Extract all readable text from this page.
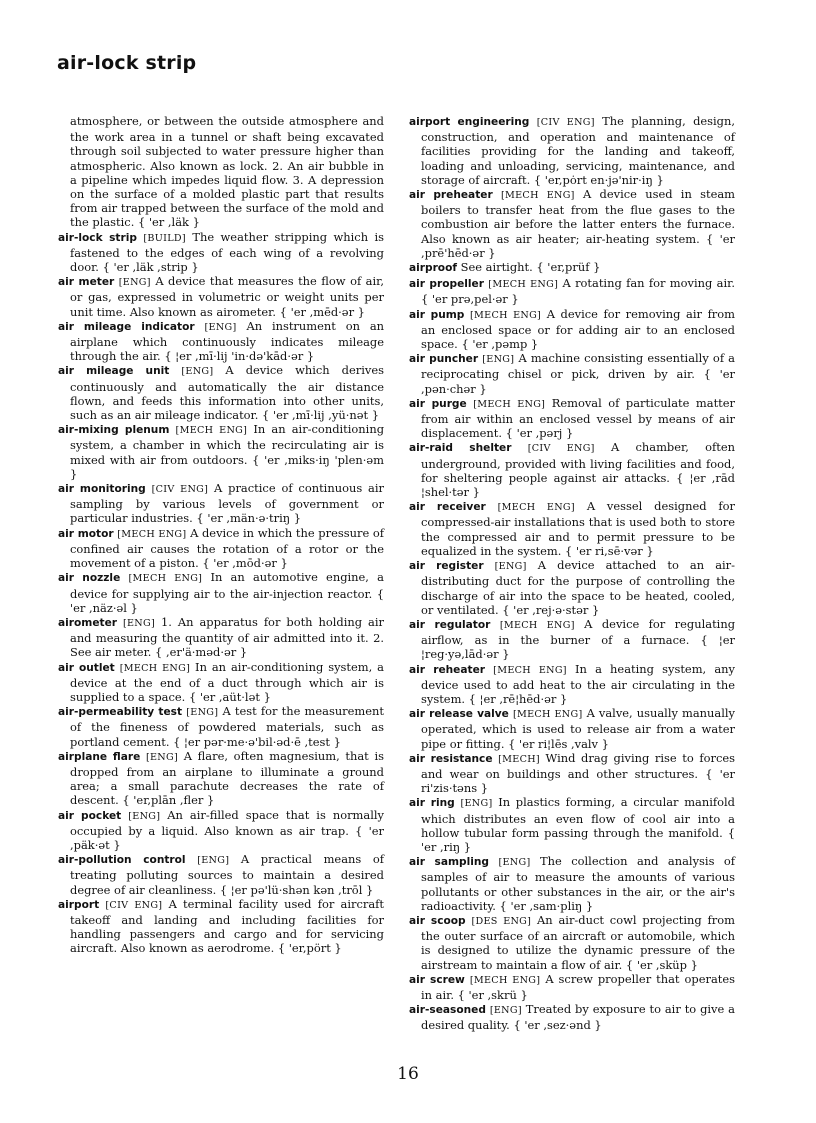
air-lock strip

atmosphere, or between the outside atmosphere and the work area in a tunnel or shaft being excavated through soil subjected to water pressure higher than atmospheric. Also known as lock. 2. An air bubble in a pipeline which impedes liquid flow. 3. A depression on the surface of a molded plastic part that results from air trapped between the surface of the mold and the plastic. { 'er ,läk }

air-lock strip [BUILD] The weather stripping which is fastened to the edges of each wing of a revolving door. { 'er ,läk ,strip }

air meter [ENG] A device that measures the flow of air, or gas, expressed in volumetric or weight units per unit time. Also known as airometer. { 'er ,mēd·ər }

air mileage indicator [ENG] An instrument on an airplane which continuously indicates mileage through the air. { ¦er ,mī·lij 'in·də'kād·ər }

air mileage unit [ENG] A device which derives continuously and automatically the air distance flown, and feeds this information into other units, such as an air mileage indicator. { 'er ,mī·lij ,yü·nət }

air-mixing plenum [MECH ENG] In an air-conditioning system, a chamber in which the recirculating air is mixed with air from outdoors. { 'er ,miks·iŋ 'plen·əm }

air monitoring [CIV ENG] A practice of continuous air sampling by various levels of government or particular industries. { 'er ,män·ə·triŋ }

air motor [MECH ENG] A device in which the pressure of confined air causes the rotation of a rotor or the movement of a piston. { 'er ,mōd·ər }

air nozzle [MECH ENG] In an automotive engine, a device for supplying air to the air-injection reactor. { 'er ,näz·əl }

airometer [ENG] 1. An apparatus for both holding air and measuring the quantity of air admitted into it. 2. See air meter. { ,er'ä·məd·ər }

air outlet [MECH ENG] In an air-conditioning system, a device at the end of a duct through which air is supplied to a space. { 'er ,aüt·lət }

air-permeability test [ENG] A test for the measurement of the fineness of powdered materials, such as portland cement. { ¦er pər·me·ə'bil·əd·ē ,test }

airplane flare [ENG] A flare, often magnesium, that is dropped from an airplane to illuminate a ground area; a small parachute decreases the rate of descent. { 'er,plān ,fler }

air pocket [ENG] An air-filled space that is normally occupied by a liquid. Also known as air trap. { 'er ,päk·ət }

air-pollution control [ENG] A practical means of treating polluting sources to maintain a desired degree of air cleanliness. { ¦er pə'lü·shən kən ,trōl }

airport [CIV ENG] A terminal facility used for aircraft takeoff and landing and including facilities for handling passengers and cargo and for servicing aircraft. Also known as aerodrome. { 'er,pört }

airport engineering [CIV ENG] The planning, design, construction, and operation and maintenance of facilities providing for the landing and takeoff, loading and unloading, servicing, maintenance, and storage of aircraft. { 'er,pȯrt en·jə'nir·iŋ }

air preheater [MECH ENG] A device used in steam boilers to transfer heat from the flue gases to the combustion air before the latter enters the furnace. Also known as air heater; air-heating system. { 'er ,prē'hēd·ər }

airproof See airtight. { 'er,prüf }

air propeller [MECH ENG] A rotating fan for moving air. { 'er prə,pel·ər }

air pump [MECH ENG] A device for removing air from an enclosed space or for adding air to an enclosed space. { 'er ,pəmp }

air puncher [ENG] A machine consisting essentially of a reciprocating chisel or pick, driven by air. { 'er ,pən·chər }

air purge [MECH ENG] Removal of particulate matter from air within an enclosed vessel by means of air displacement. { 'er ,pərj }

air-raid shelter [CIV ENG] A chamber, often underground, provided with living facilities and food, for sheltering people against air attacks. { ¦er ,rād ¦shel·tər }

air receiver [MECH ENG] A vessel designed for compressed-air installations that is used both to store the compressed air and to permit pressure to be equalized in the system. { 'er ri,sē·vər }

air register [ENG] A device attached to an air-distributing duct for the purpose of controlling the discharge of air into the space to be heated, cooled, or ventilated. { 'er ,rej·ə·stər }

air regulator [MECH ENG] A device for regulating airflow, as in the burner of a furnace. { ¦er ¦reg·yə,lād·ər }

air reheater [MECH ENG] In a heating system, any device used to add heat to the air circulating in the system. { ¦er ,rē¦hēd·ər }

air release valve [MECH ENG] A valve, usually manually operated, which is used to release air from a water pipe or fitting. { 'er ri¦lēs ,valv }

air resistance [MECH] Wind drag giving rise to forces and wear on buildings and other structures. { 'er ri'zis·təns }

air ring [ENG] In plastics forming, a circular manifold which distributes an even flow of cool air into a hollow tubular form passing through the manifold. { 'er ,riŋ }

air sampling [ENG] The collection and analysis of samples of air to measure the amounts of various pollutants or other substances in the air, or the air's radioactivity. { 'er ,sam·pliŋ }

air scoop [DES ENG] An air-duct cowl projecting from the outer surface of an aircraft or automobile, which is designed to utilize the dynamic pressure of the airstream to maintain a flow of air. { 'er ,sküp }

air screw [MECH ENG] A screw propeller that operates in air. { 'er ,skrü }

air-seasoned [ENG] Treated by exposure to air to give a desired quality. { 'er ,sez·ənd }

16
